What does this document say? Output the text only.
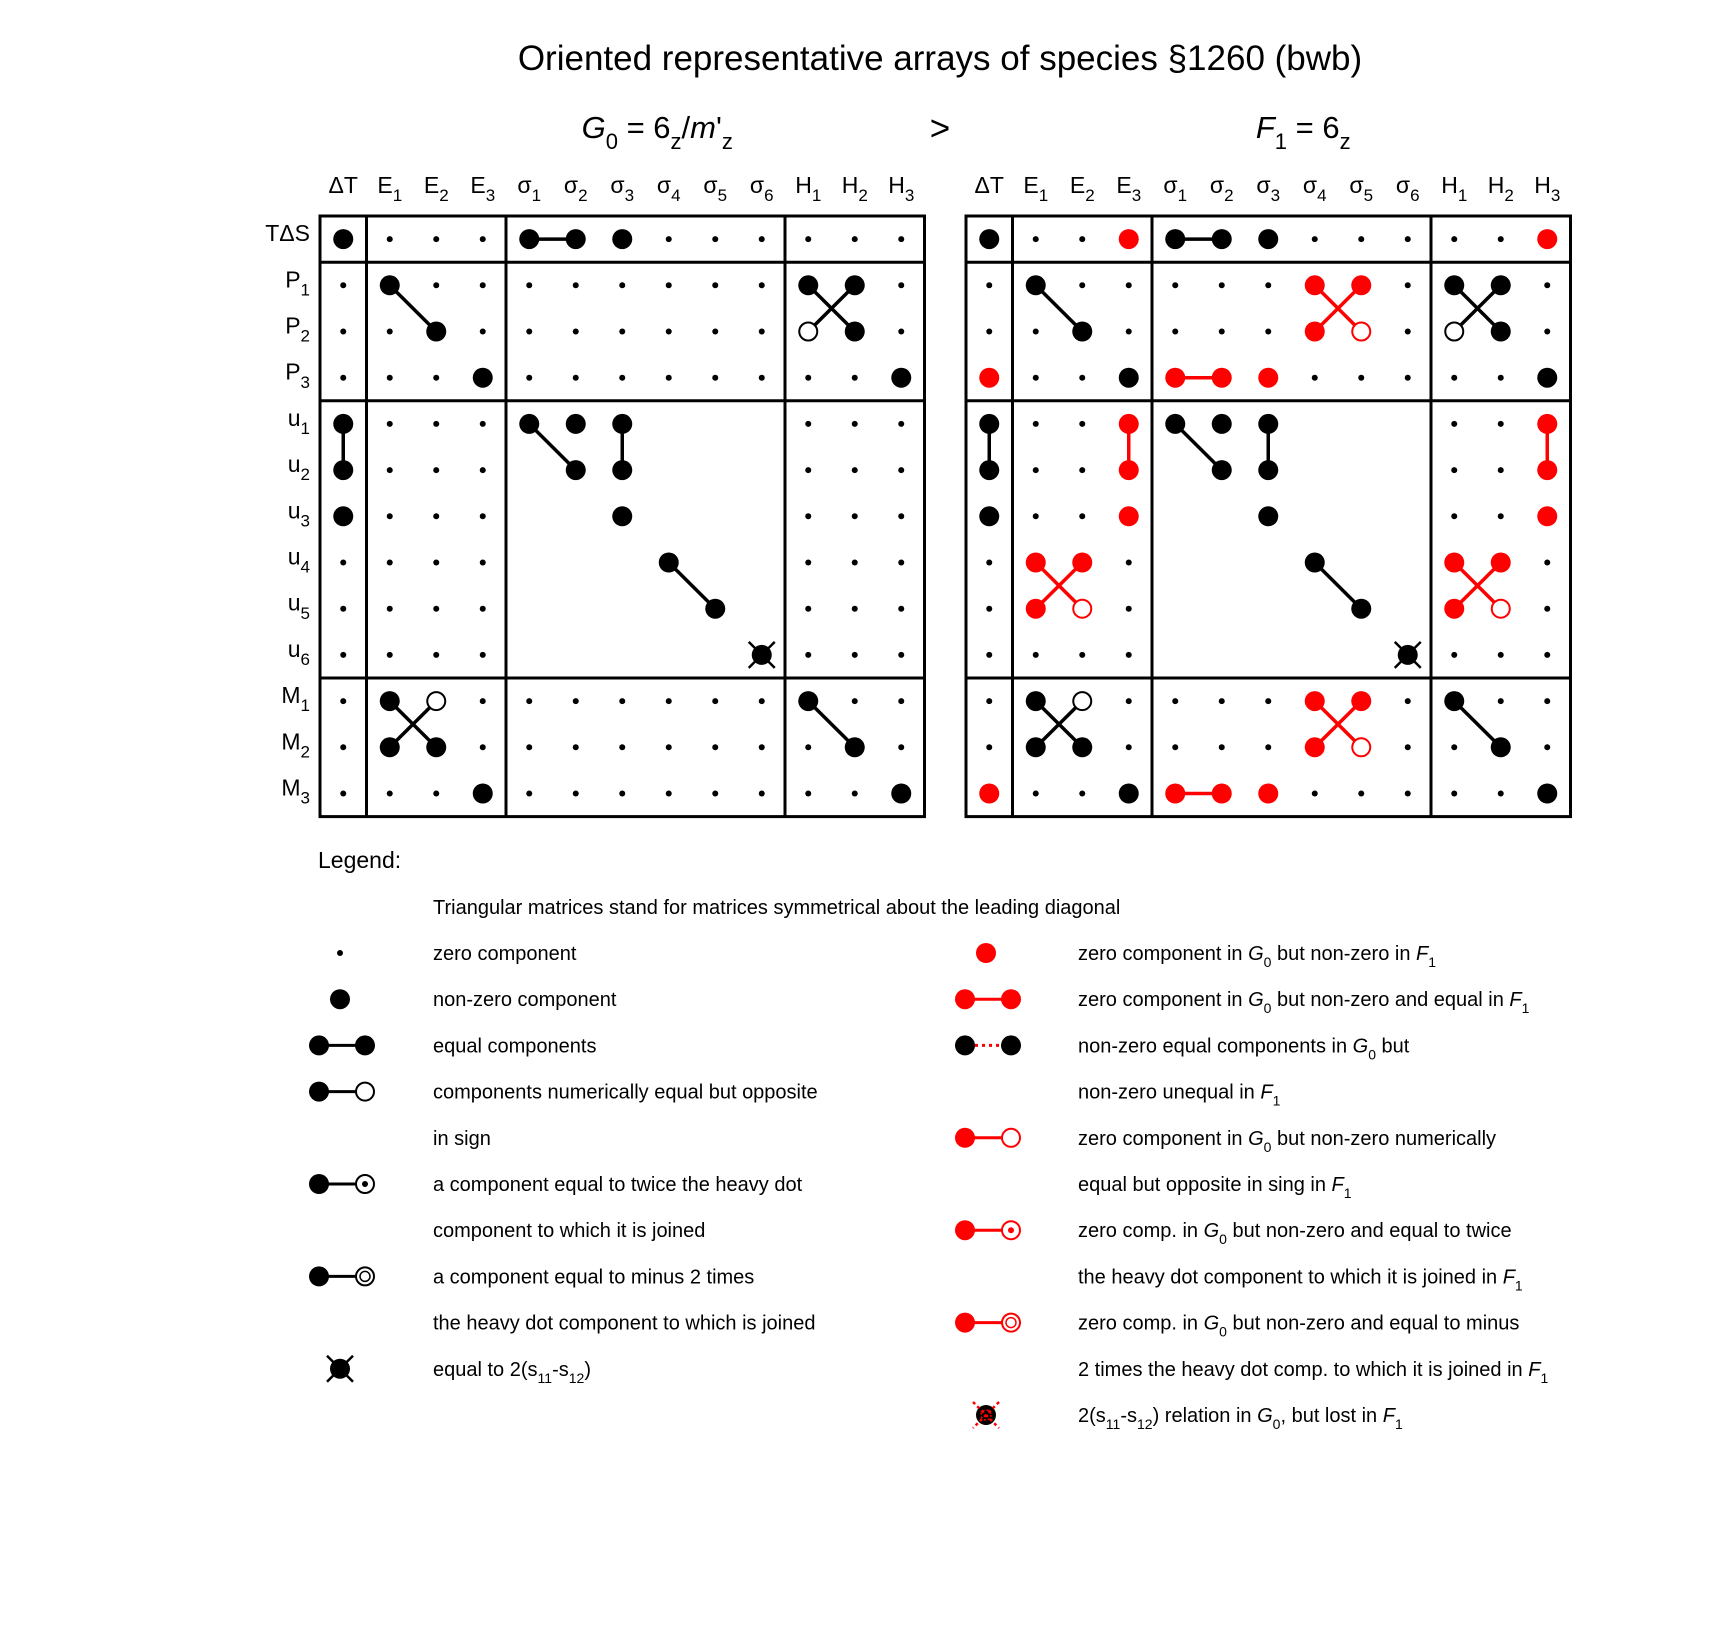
Oriented representative arrays of species §1260 (bwb)
>
$G_0 = 6_z/m'_z$
ΔT $E_1$ $E_2$ $E_3$ $\sigma_1$ $\sigma_2$ $\sigma_3$ $\sigma_4$ $\sigma_5$ $\sigma_6$ $H_1$ $H_2$ $H_3$
TΔS
$P_1$
$P_2$
$P_3$
$u_1$
$u_2$
$u_3$
$u_4$
$u_5$
$u_6$
$M_1$
$M_2$
$M_3$
$F_1 = 6_z$
ΔT $E_1$ $E_2$ $E_3$ $\sigma_1$ $\sigma_2$ $\sigma_3$ $\sigma_4$ $\sigma_5$ $\sigma_6$ $H_1$ $H_2$ $H_3$
Legend:
Triangular matrices stand for matrices symmetrical about the leading diagonal
zero component
non-zero component
equal components
components numerically equal but opposite
in sign
a component equal to twice the heavy dot
component to which it is joined
a component equal to minus 2 times
the heavy dot component to which is joined
equal to $2(s_{11}-s_{12})$
zero component in $G_0$ but non-zero in $F_1$
zero component in $G_0$ but non-zero and equal in $F_1$
non-zero equal components in $G_0$ but
non-zero unequal in $F_1$
zero component in $G_0$ but non-zero numerically
equal but opposite in sing in $F_1$
zero comp. in $G_0$ but non-zero and equal to twice
the heavy dot component to which it is joined in $F_1$
zero comp. in $G_0$ but non-zero and equal to minus
2 times the heavy dot comp. to which it is joined in $F_1$
$2(s_{11}-s_{12})$ relation in $G_0$, but lost in $F_1$
